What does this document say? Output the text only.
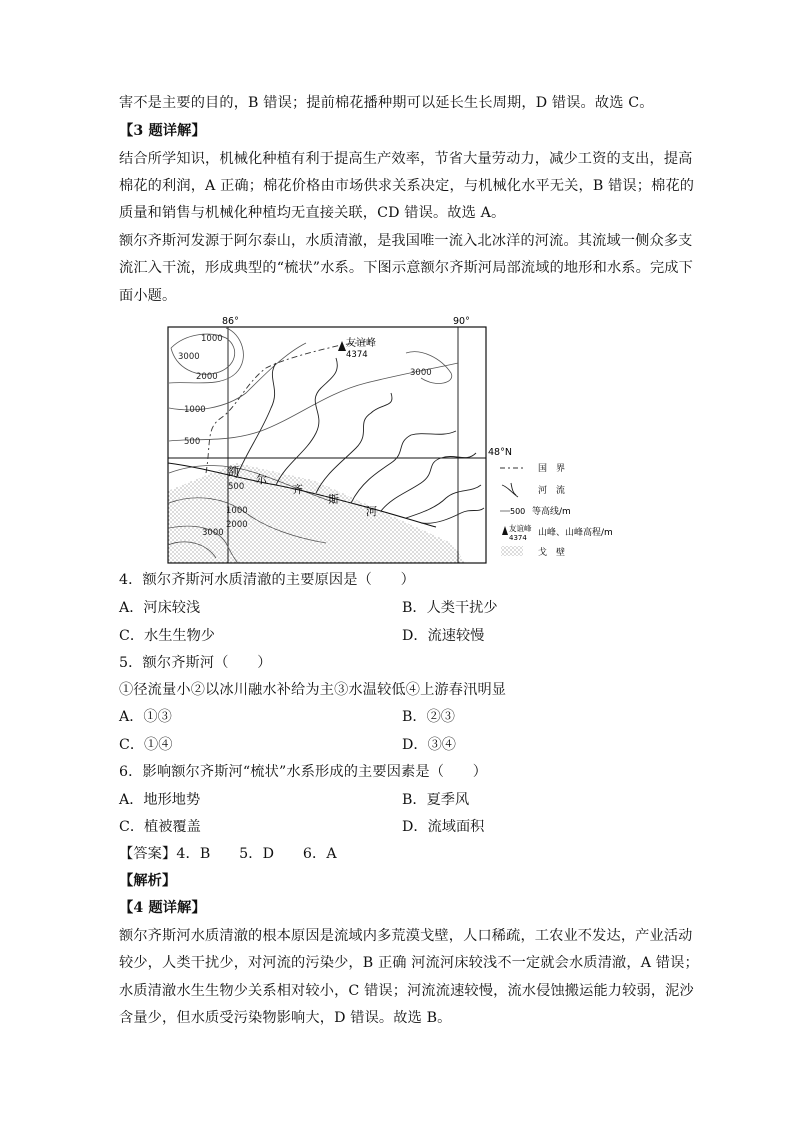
害不是主要的目的，B 错误；提前棉花播种期可以延长生长周期，D 错误。故选 C。
【3 题详解】
结合所学知识，机械化种植有利于提高生产效率，节省大量劳动力，减少工资的支出，提高
棉花的利润，A 正确；棉花价格由市场供求关系决定，与机械化水平无关，B 错误；棉花的
质量和销售与机械化种植均无直接关联，CD 错误。故选 A。
额尔齐斯河发源于阿尔泰山，水质清澈，是我国唯一流入北冰洋的河流。其流域一侧众多支
流汇入干流，形成典型的“梳状”水系。下图示意额尔齐斯河局部流域的地形和水系。完成下
面小题。
86°	90°
48°N
额
尔
齐
斯
河
1000
3000
2000
1000
500
500
1000
2000
3000
3000
友谊峰
4374
国　界
河　流
500 等高线/m
友谊峰
4374 山峰、山峰高程/m
戈　壁
4．额尔齐斯河水质清澈的主要原因是（　　）
A．河床较浅	B．人类干扰少
C．水生生物少	D．流速较慢
5．额尔齐斯河（　　）
①径流量小②以冰川融水补给为主③水温较低④上游春汛明显
A．①③	B．②③
C．①④	D．③④
6．影响额尔齐斯河“梳状”水系形成的主要因素是（　　）
A．地形地势	B．夏季风
C．植被覆盖	D．流域面积
【答案】4．B　　5．D　　6．A
【解析】
【4 题详解】
额尔齐斯河水质清澈的根本原因是流域内多荒漠戈壁，人口稀疏，工农业不发达，产业活动
较少，人类干扰少，对河流的污染少，B 正确 河流河床较浅不一定就会水质清澈，A 错误；
水质清澈水生生物少关系相对较小，C 错误；河流流速较慢，流水侵蚀搬运能力较弱，泥沙
含量少，但水质受污染物影响大，D 错误。故选 B。
